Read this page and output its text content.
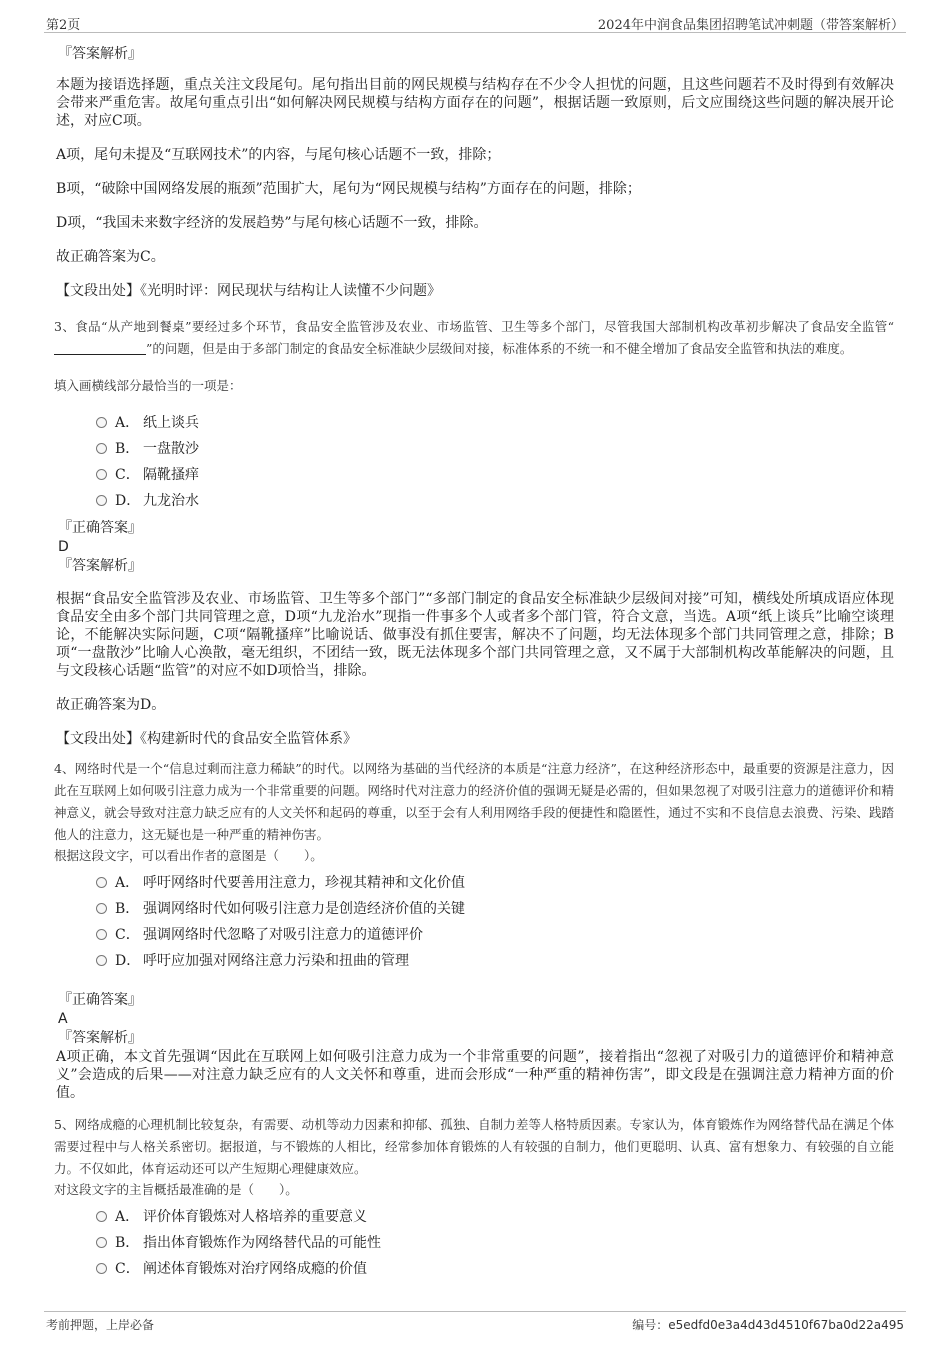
第2页	2024年中润食品集团招聘笔试冲刺题（带答案解析）
『答案解析』

本题为接语选择题，重点关注文段尾句。尾句指出目前的网民规模与结构存在不少令人担忧的问题，且这些问题若不及时得到有效解决会带来严重危害。故尾句重点引出“如何解决网民规模与结构方面存在的问题”，根据话题一致原则，后文应围绕这些问题的解决展开论述，对应C项。

A项，尾句未提及“互联网技术”的内容，与尾句核心话题不一致，排除；

B项，“破除中国网络发展的瓶颈”范围扩大，尾句为“网民规模与结构”方面存在的问题，排除；

D项，“我国未来数字经济的发展趋势”与尾句核心话题不一致，排除。

故正确答案为C。

【文段出处】《光明时评：网民现状与结构让人读懂不少问题》

3、食品“从产地到餐桌”要经过多个环节，食品安全监管涉及农业、市场监管、卫生等多个部门，尽管我国大部制机构改革初步解决了食品安全监管“”的问题，但是由于多部门制定的食品安全标准缺少层级间对接，标准体系的不统一和不健全增加了食品安全监管和执法的难度。

填入画横线部分最恰当的一项是：

A． 纸上谈兵
B． 一盘散沙
C． 隔靴搔痒
D． 九龙治水
『正确答案』
D
『答案解析』

根据“食品安全监管涉及农业、市场监管、卫生等多个部门”“多部门制定的食品安全标准缺少层级间对接”可知，横线处所填成语应体现食品安全由多个部门共同管理之意，D项“九龙治水”现指一件事多个人或者多个部门管，符合文意，当选。A项“纸上谈兵”比喻空谈理论，不能解决实际问题，C项“隔靴搔痒”比喻说话、做事没有抓住要害，解决不了问题，均无法体现多个部门共同管理之意，排除；B项“一盘散沙”比喻人心涣散，毫无组织，不团结一致，既无法体现多个部门共同管理之意，又不属于大部制机构改革能解决的问题，且与文段核心话题“监管”的对应不如D项恰当，排除。

故正确答案为D。

【文段出处】《构建新时代的食品安全监管体系》

4、网络时代是一个“信息过剩而注意力稀缺”的时代。以网络为基础的当代经济的本质是“注意力经济”，在这种经济形态中，最重要的资源是注意力，因此在互联网上如何吸引注意力成为一个非常重要的问题。网络时代对注意力的经济价值的强调无疑是必需的，但如果忽视了对吸引注意力的道德评价和精神意义，就会导致对注意力缺乏应有的人文关怀和起码的尊重，以至于会有人利用网络手段的便捷性和隐匿性，通过不实和不良信息去浪费、污染、践踏他人的注意力，这无疑也是一种严重的精神伤害。

根据这段文字，可以看出作者的意图是（　　）。

A． 呼吁网络时代要善用注意力，珍视其精神和文化价值
B． 强调网络时代如何吸引注意力是创造经济价值的关键
C． 强调网络时代忽略了对吸引注意力的道德评价
D． 呼吁应加强对网络注意力污染和扭曲的管理
『正确答案』
A
『答案解析』

A项正确，本文首先强调“因此在互联网上如何吸引注意力成为一个非常重要的问题”，接着指出“忽视了对吸引力的道德评价和精神意义”会造成的后果——对注意力缺乏应有的人文关怀和尊重，进而会形成“一种严重的精神伤害”，即文段是在强调注意力精神方面的价值。

5、网络成瘾的心理机制比较复杂，有需要、动机等动力因素和抑郁、孤独、自制力差等人格特质因素。专家认为，体育锻炼作为网络替代品在满足个体需要过程中与人格关系密切。据报道，与不锻炼的人相比，经常参加体育锻炼的人有较强的自制力，他们更聪明、认真、富有想象力、有较强的自立能力。不仅如此，体育运动还可以产生短期心理健康效应。

对这段文字的主旨概括最准确的是（　　）。

A． 评价体育锻炼对人格培养的重要意义
B． 指出体育锻炼作为网络替代品的可能性
C． 阐述体育锻炼对治疗网络成瘾的价值
考前押题，上岸必备	编号：e5edfd0e3a4d43d4510f67ba0d22a495
